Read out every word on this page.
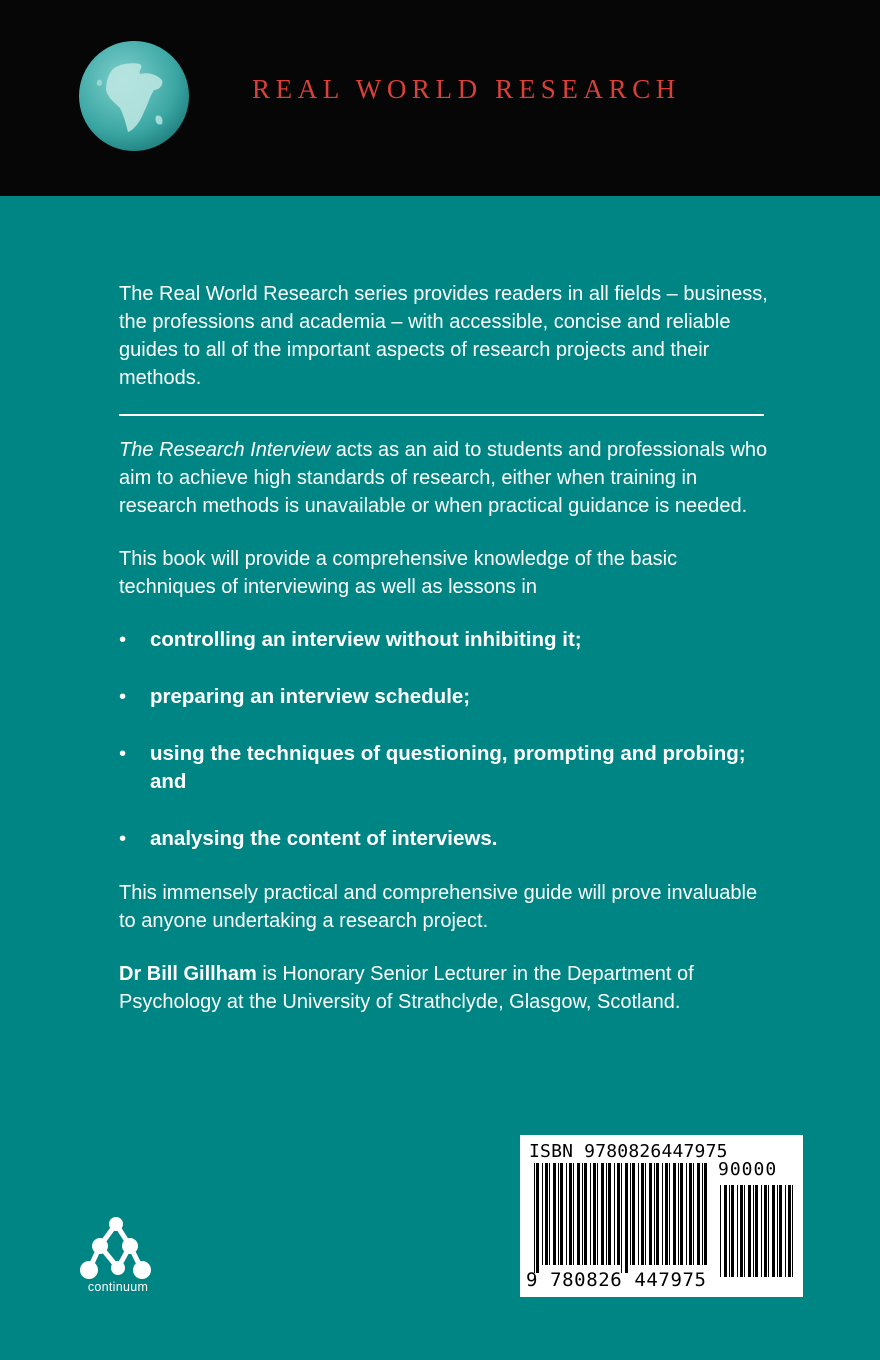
REAL WORLD RESEARCH

The Real World Research series provides readers in all fields – business, the professions and academia – with accessible, concise and reliable guides to all of the important aspects of research projects and their methods.

The Research Interview acts as an aid to students and professionals who aim to achieve high standards of research, either when training in research methods is unavailable or when practical guidance is needed.

This book will provide a comprehensive knowledge of the basic techniques of interviewing as well as lessons in

• controlling an interview without inhibiting it;
• preparing an interview schedule;
• using the techniques of questioning, prompting and probing; and
• analysing the content of interviews.

This immensely practical and comprehensive guide will prove invaluable to anyone undertaking a research project.

Dr Bill Gillham is Honorary Senior Lecturer in the Department of Psychology at the University of Strathclyde, Glasgow, Scotland.

continuum
ISBN 9780826447975
90000
9 780826 447975
